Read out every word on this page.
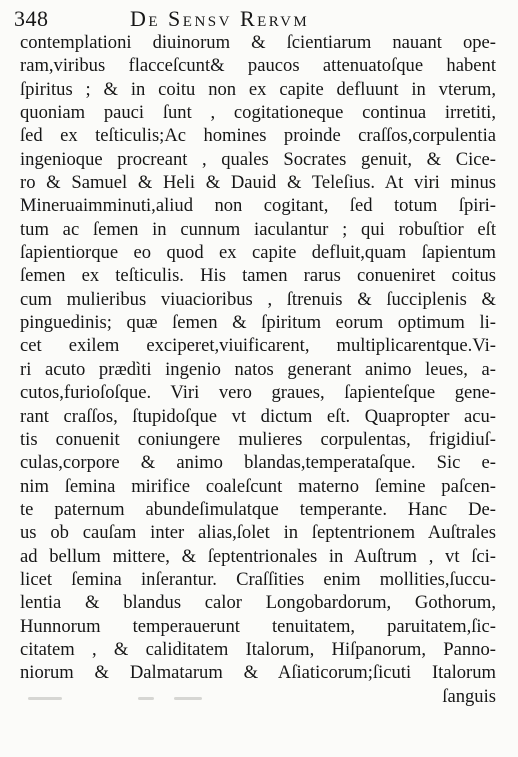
348	De Sensv Rervm
contemplationi diuinorum & ſcientiarum nauant ope-
ram,viribus flacceſcunt& paucos attenuatoſque habent
ſpiritus ; & in coitu non ex capite defluunt in vterum,
quoniam pauci ſunt , cogitationeque continua irretiti,
ſed ex teſticulis;Ac homines proinde craſſos,corpulentia
ingenioque procreant , quales Socrates genuit, & Cice-
ro & Samuel & Heli & Dauid & Teleſius. At viri minus
Mineruaimminuti,aliud non cogitant, ſed totum ſpiri-
tum ac ſemen in cunnum iaculantur ; qui robuſtior eſt
ſapientiorque eo quod ex capite defluit,quam ſapientum
ſemen ex teſticulis. His tamen rarus conueniret coitus
cum mulieribus viuacioribus , ſtrenuis & ſucciplenis &
pinguedinis; quæ ſemen & ſpiritum eorum optimum li-
cet exilem exciperet,viuificarent, multiplicarentque.Vi-
ri acuto prædìti ingenio natos generant animo leues, a-
cutos,furioſoſque. Viri vero graues, ſapienteſque gene-
rant craſſos, ſtupidoſque vt dictum eſt. Quapropter acu-
tis conuenit coniungere mulieres corpulentas, frigidiuſ-
culas,corpore & animo blandas,temperataſque. Sic e-
nim ſemina mirifice coaleſcunt materno ſemine paſcen-
te paternum abundeſimulatque temperante. Hanc De-
us ob cauſam inter alias,ſolet in ſeptentrionem Auſtrales
ad bellum mittere, & ſeptentrionales in Auſtrum , vt ſci-
licet ſemina inſerantur. Craſſities enim mollities,ſuccu-
lentia & blandus calor Longobardorum, Gothorum,
Hunnorum temperauerunt tenuitatem, paruitatem,ſic-
citatem , & caliditatem Italorum, Hiſpanorum, Panno-
niorum & Dalmatarum & Aſiaticorum;ſicuti Italorum
ſanguis
